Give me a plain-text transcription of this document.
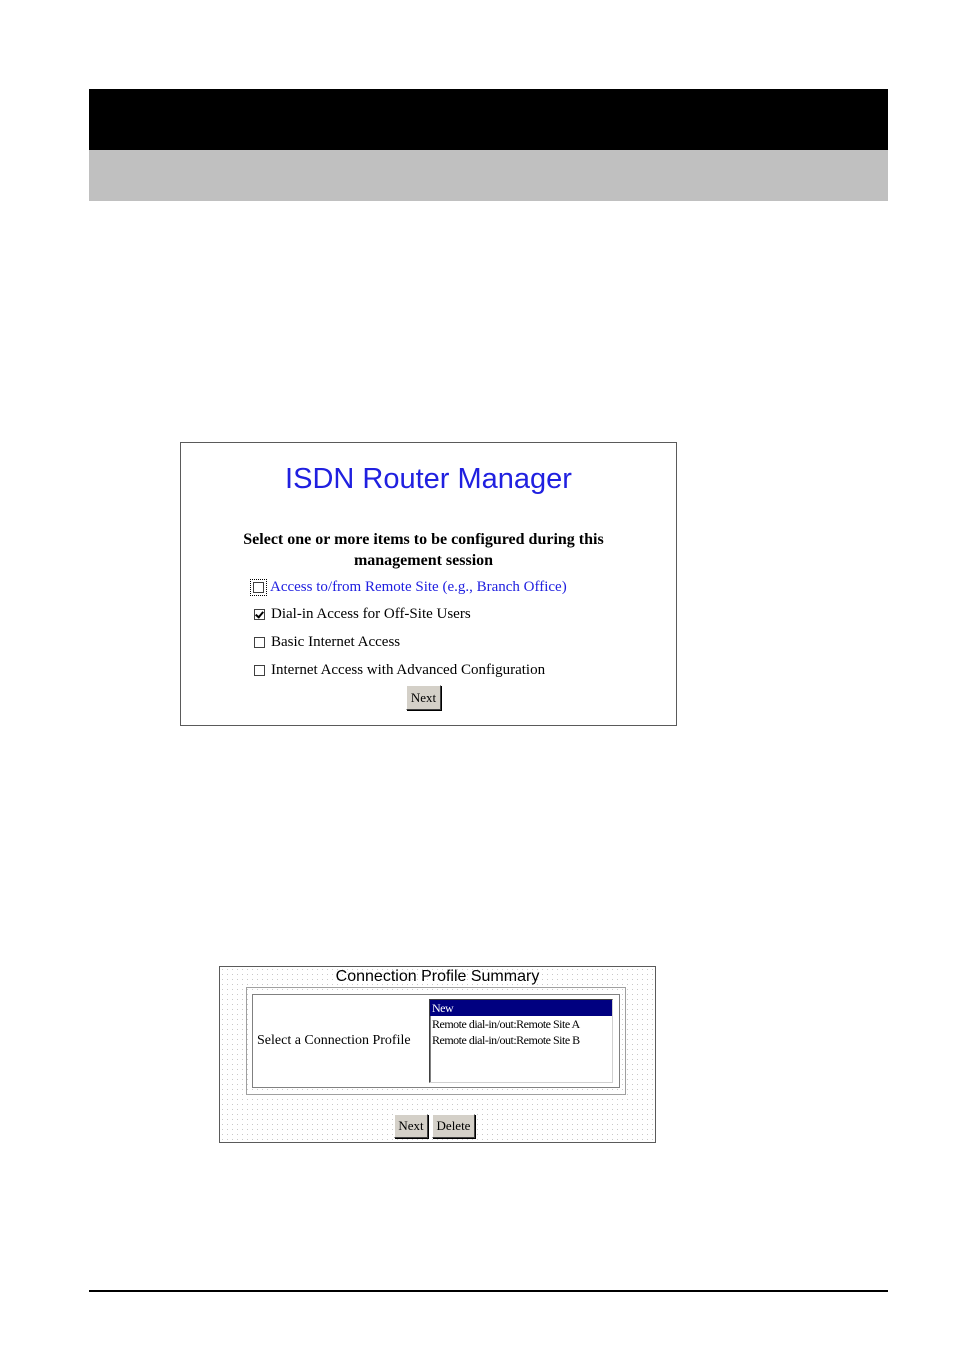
ISDN Router Manager
Select one or more items to be configured during this management session
Access to/from Remote Site (e.g., Branch Office)
Dial-in Access for Off-Site Users
Basic Internet Access
Internet Access with Advanced Configuration
Next
Connection Profile Summary
Select a Connection Profile
New
Remote dial-in/out:Remote Site A
Remote dial-in/out:Remote Site B
Next Delete
